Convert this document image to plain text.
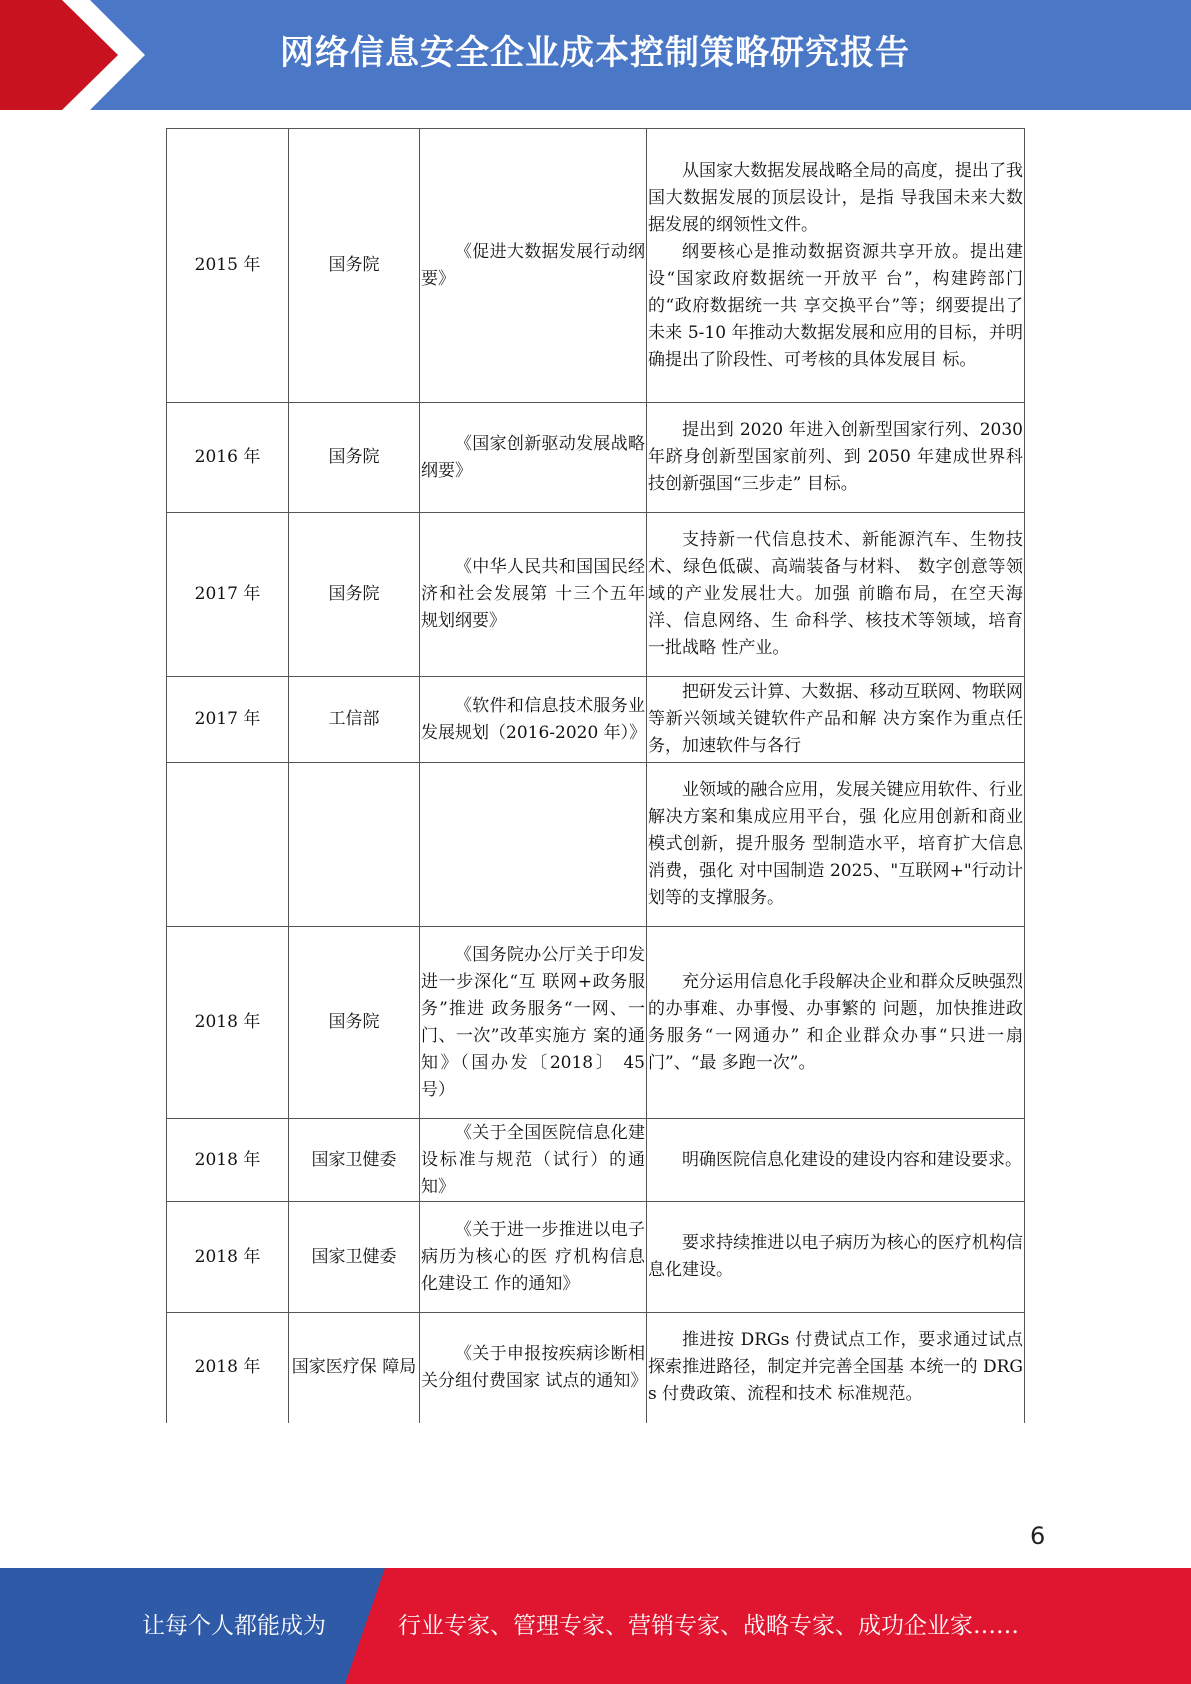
网络信息安全企业成本控制策略研究报告
2015 年	国务院	《促进大数据发展行动纲要》	从国家大数据发展战略全局的高度，提出了我国大数据发展的顶层设计，是指 导我国未来大数据发展的纲领性文件。

纲要核心是推动数据资源共享开放。提出建设“国家政府数据统一开放平 台”，构建跨部门的“政府数据统一共 享交换平台”等；纲要提出了未来 5-10 年推动大数据发展和应用的目标，并明 确提出了阶段性、可考核的具体发展目 标。

2016 年	国务院	《国家创新驱动发展战略纲要》	提出到 2020 年进入创新型国家行列、2030 年跻身创新型国家前列、到 2050 年建成世界科技创新强国“三步走” 目标。

2017 年	国务院	《中华人民共和国国民经济和社会发展第 十三个五年规划纲要》	支持新一代信息技术、新能源汽车、生物技术、绿色低碳、高端装备与材料、 数字创意等领域的产业发展壮大。加强 前瞻布局，在空天海洋、信息网络、生 命科学、核技术等领域，培育一批战略 性产业。

2017 年	工信部	《软件和信息技术服务业发展规划（2016-2020 年）》	把研发云计算、大数据、移动互联网、物联网等新兴领域关键软件产品和解 决方案作为重点任务，加速软件与各行

			业领域的融合应用，发展关键应用软件、行业解决方案和集成应用平台，强 化应用创新和商业模式创新，提升服务 型制造水平，培育扩大信息消费，强化 对中国制造 2025、"互联网+"行动计 划等的支撑服务。

2018 年	国务院	《国务院办公厅关于印发进一步深化“互 联网+政务服务”推进 政务服务“一网、一 门、一次”改革实施方 案的通知》（国办发〔2018〕 45 号）	充分运用信息化手段解决企业和群众反映强烈的办事难、办事慢、办事繁的 问题，加快推进政务服务“一网通办” 和企业群众办事“只进一扇门”、“最 多跑一次”。

2018 年	国家卫健委	《关于全国医院信息化建设标准与规范（试行）的通知》	明确医院信息化建设的建设内容和建设要求。

2018 年	国家卫健委	《关于进一步推进以电子病历为核心的医 疗机构信息化建设工 作的通知》	要求持续推进以电子病历为核心的医疗机构信息化建设。

2018 年	国家医疗保 障局	《关于申报按疾病诊断相关分组付费国家 试点的通知》	推进按 DRGs 付费试点工作，要求通过试点探索推进路径，制定并完善全国基 本统一的 DRGs 付费政策、流程和技术 标准规范。

6
让每个人都能成为	行业专家、管理专家、营销专家、战略专家、成功企业家……
